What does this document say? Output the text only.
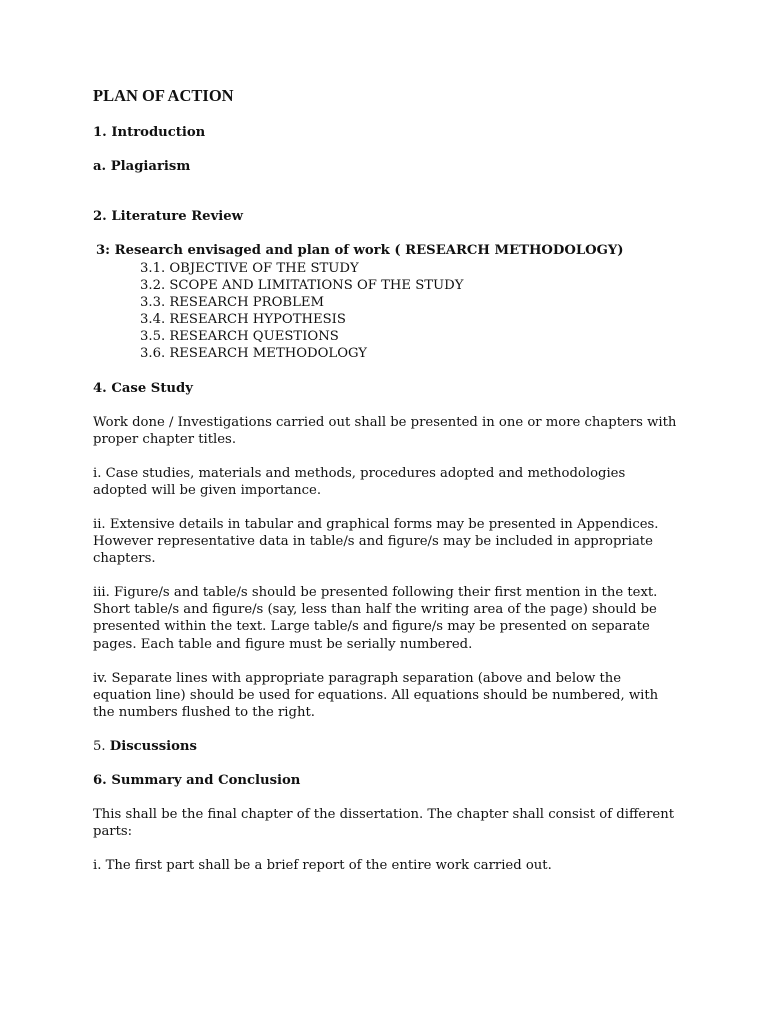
PLAN OF ACTION
1. Introduction
a. Plagiarism
2. Literature Review
3: Research envisaged and plan of work ( RESEARCH METHODOLOGY)
3.1. OBJECTIVE OF THE STUDY
3.2. SCOPE AND LIMITATIONS OF THE STUDY
3.3. RESEARCH PROBLEM
3.4. RESEARCH HYPOTHESIS
3.5. RESEARCH QUESTIONS
3.6. RESEARCH METHODOLOGY
4. Case Study
Work done / Investigations carried out shall be presented in one or more chapters with proper chapter titles.
i. Case studies, materials and methods, procedures adopted and methodologies adopted will be given importance.
ii. Extensive details in tabular and graphical forms may be presented in Appendices. However representative data in table/s and figure/s may be included in appropriate chapters.
iii. Figure/s and table/s should be presented following their first mention in the text. Short table/s and figure/s (say, less than half the writing area of the page) should be presented within the text. Large table/s and figure/s may be presented on separate pages. Each table and figure must be serially numbered.
iv. Separate lines with appropriate paragraph separation (above and below the equation line) should be used for equations. All equations should be numbered, with the numbers flushed to the right.
5. Discussions
6. Summary and Conclusion
This shall be the final chapter of the dissertation. The chapter shall consist of different parts:
i. The first part shall be a brief report of the entire work carried out.
